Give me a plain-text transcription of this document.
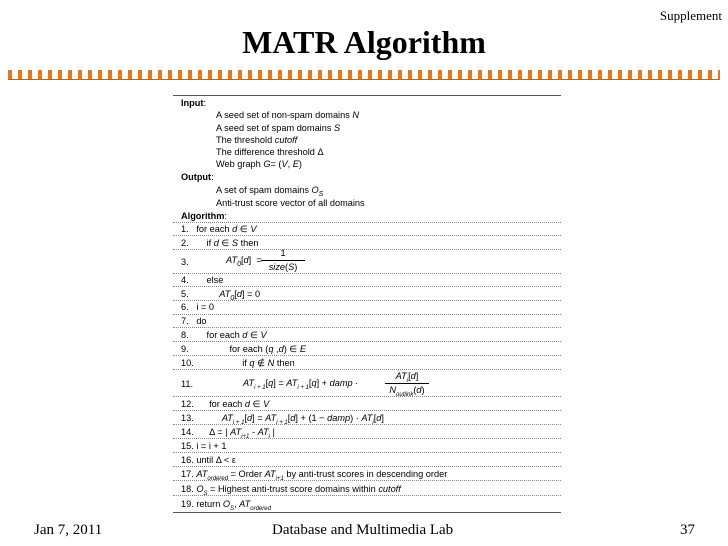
Supplement
MATR Algorithm
Input:
A seed set of non-spam domains N
A seed set of spam domains S
The threshold cutoff
The difference threshold Δ
Web graph G= (V, E)
Output:
A set of spam domains $O_S$
Anti-trust score vector of all domains
Algorithm:
1.   for each d ∈ V
2.       if d ∈ S then
3.	$AT_0[d]$  =
1
size(S)
4.       else
5.            $AT_0[d] = 0$
6.   i = 0
7.   do
8.       for each d ∈ V
9.                for each (q ,d) ∈ E
10.                   if q ∉ N then
11.	$AT_{i + 1}[q] = AT_{i + 1}[q]$ + damp ·
$AT_i[d]$
$N_{outlink}(d)$
12.      for each d ∈ V
13.           $AT_{i + 1}[d] = AT_{i + 1}[d] + (1$ − damp) · $AT_i[d]$
14.      Δ = | $AT_{i+1} - AT_i$ |
15. i = i + 1
16. until Δ < ε
17. $AT_{ordered}$ = Order $AT_{i+1}$ by anti-trust scores in descending order
18. $O_S$ = Highest anti-trust score domains within cutoff
19. return $O_S$, $AT_{ordered}$
Jan 7, 2011	Database and Multimedia Lab	37
